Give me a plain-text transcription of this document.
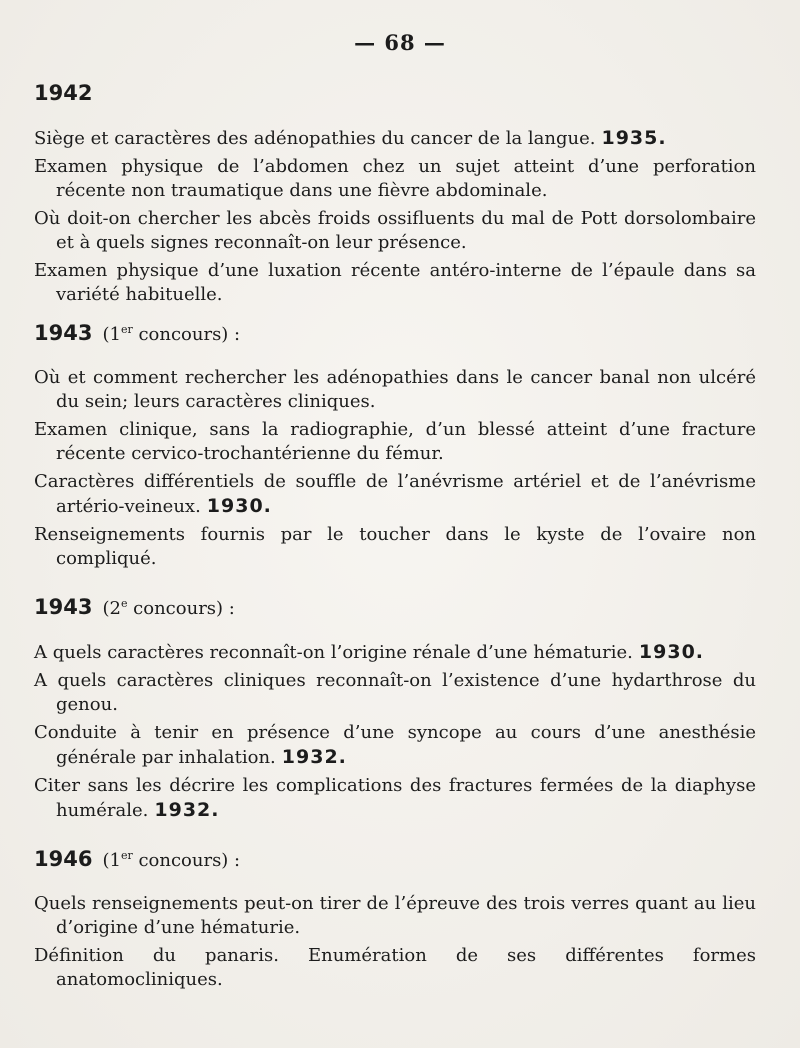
— 68 —
1942

Siège et caractères des adénopathies du cancer de la langue. 1935.

Examen physique de l’abdomen chez un sujet atteint d’une perforation récente non traumatique dans une fièvre abdominale.

Où doit-on chercher les abcès froids ossifluents du mal de Pott dorsolombaire et à quels signes reconnaît-on leur présence.

Examen physique d’une luxation récente antéro-interne de l’épaule dans sa variété habituelle.

1943 (1er concours) :

Où et comment rechercher les adénopathies dans le cancer banal non ulcéré du sein; leurs caractères cliniques.

Examen clinique, sans la radiographie, d’un blessé atteint d’une fracture récente cervico-trochantérienne du fémur.

Caractères différentiels de souffle de l’anévrisme artériel et de l’anévrisme artério-veineux. 1930.

Renseignements fournis par le toucher dans le kyste de l’ovaire non compliqué.

1943 (2e concours) :

A quels caractères reconnaît-on l’origine rénale d’une hématurie. 1930.

A quels caractères cliniques reconnaît-on l’existence d’une hydarthrose du genou.

Conduite à tenir en présence d’une syncope au cours d’une anesthésie générale par inhalation. 1932.

Citer sans les décrire les complications des fractures fermées de la diaphyse humérale. 1932.

1946 (1er concours) :

Quels renseignements peut-on tirer de l’épreuve des trois verres quant au lieu d’origine d’une hématurie.

Définition du panaris. Enumération de ses différentes formes anatomocliniques.
